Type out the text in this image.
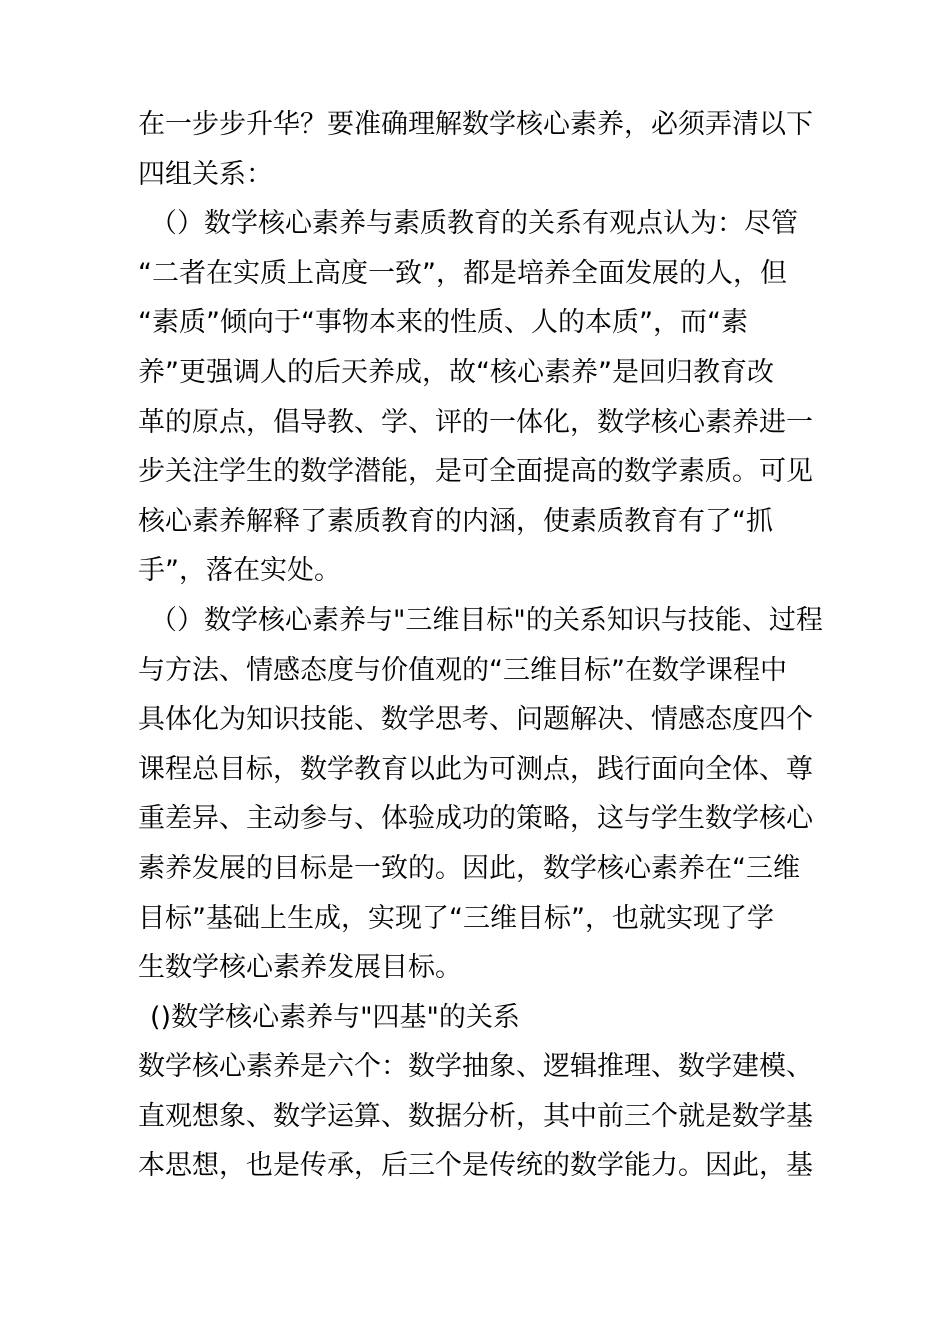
在一步步升华？要准确理解数学核心素养，必须弄清以下
四组关系：
（）数学核心素养与素质教育的关系有观点认为：尽管
“二者在实质上高度一致”，都是培养全面发展的人，但
“素质”倾向于“事物本来的性质、人的本质”，而“素
养”更强调人的后天养成，故“核心素养”是回归教育改
革的原点，倡导教、学、评的一体化，数学核心素养进一
步关注学生的数学潜能，是可全面提高的数学素质。可见
核心素养解释了素质教育的内涵，使素质教育有了“抓
手”，落在实处。
（）数学核心素养与"三维目标"的关系知识与技能、过程
与方法、情感态度与价值观的“三维目标”在数学课程中
具体化为知识技能、数学思考、问题解决、情感态度四个
课程总目标，数学教育以此为可测点，践行面向全体、尊
重差异、主动参与、体验成功的策略，这与学生数学核心
素养发展的目标是一致的。因此，数学核心素养在“三维
目标”基础上生成，实现了“三维目标”，也就实现了学
生数学核心素养发展目标。
()数学核心素养与"四基"的关系
数学核心素养是六个：数学抽象、逻辑推理、数学建模、
直观想象、数学运算、数据分析，其中前三个就是数学基
本思想，也是传承，后三个是传统的数学能力。因此，基
